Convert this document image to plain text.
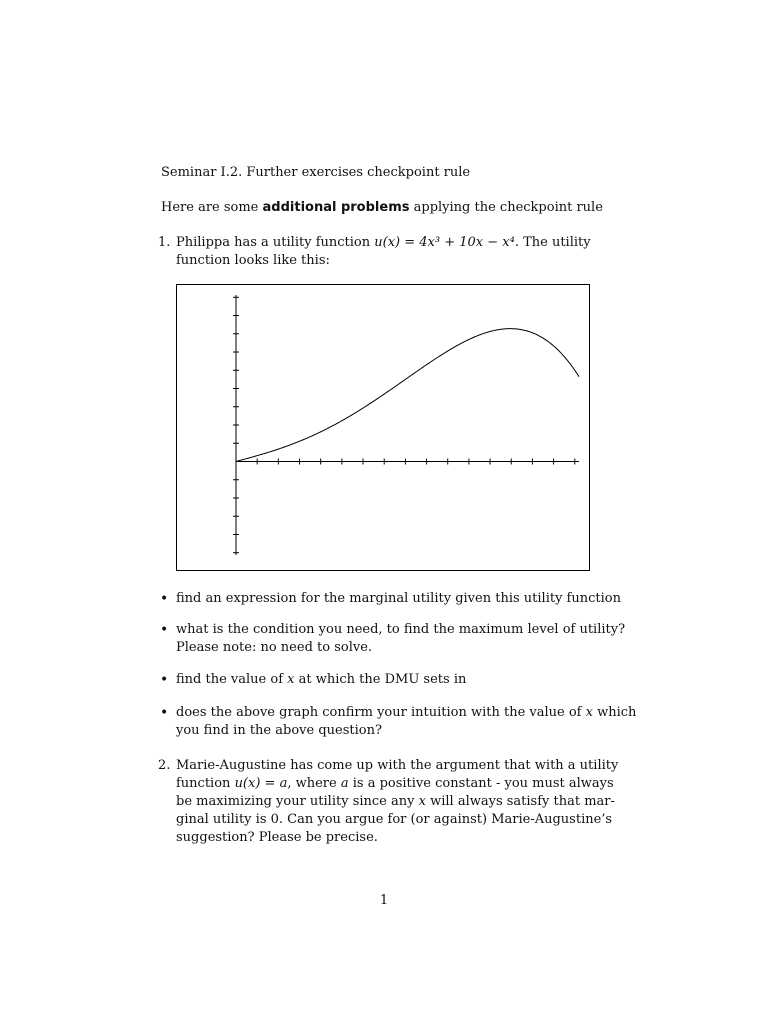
Seminar I.2. Further exercises checkpoint rule
Here are some additional problems applying the checkpoint rule
1. Philippa has a utility function u(x) = 4x³ + 10x − x⁴. The utility
function looks like this:
• find an expression for the marginal utility given this utility function
• what is the condition you need, to find the maximum level of utility?
Please note: no need to solve.
• find the value of x at which the DMU sets in
• does the above graph confirm your intuition with the value of x which
you find in the above question?
2. Marie-Augustine has come up with the argument that with a utility
function u(x) = a, where a is a positive constant - you must always
be maximizing your utility since any x will always satisfy that mar-
ginal utility is 0. Can you argue for (or against) Marie-Augustine’s
suggestion? Please be precise.
1
